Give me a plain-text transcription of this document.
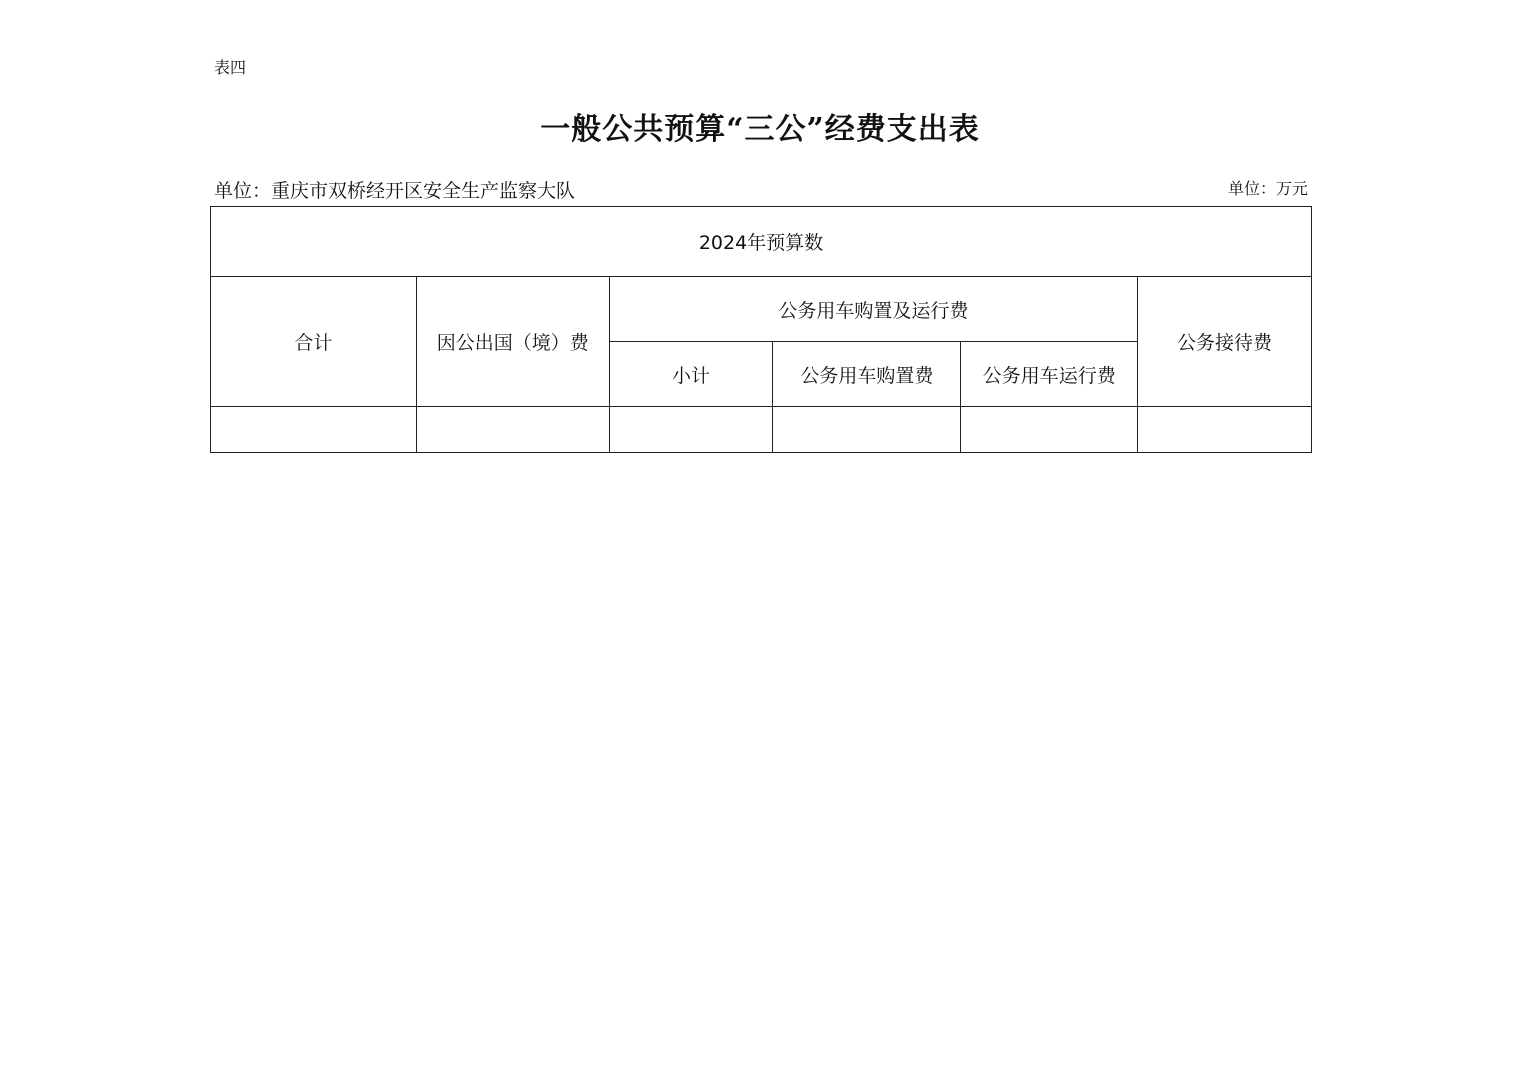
表四
一般公共预算“三公”经费支出表
单位：重庆市双桥经开区安全生产监察大队	单位：万元
2024年预算数					
合计	因公出国（境）费	公务用车购置及运行费			公务接待费
		小计	公务用车购置费	公务用车运行费	
